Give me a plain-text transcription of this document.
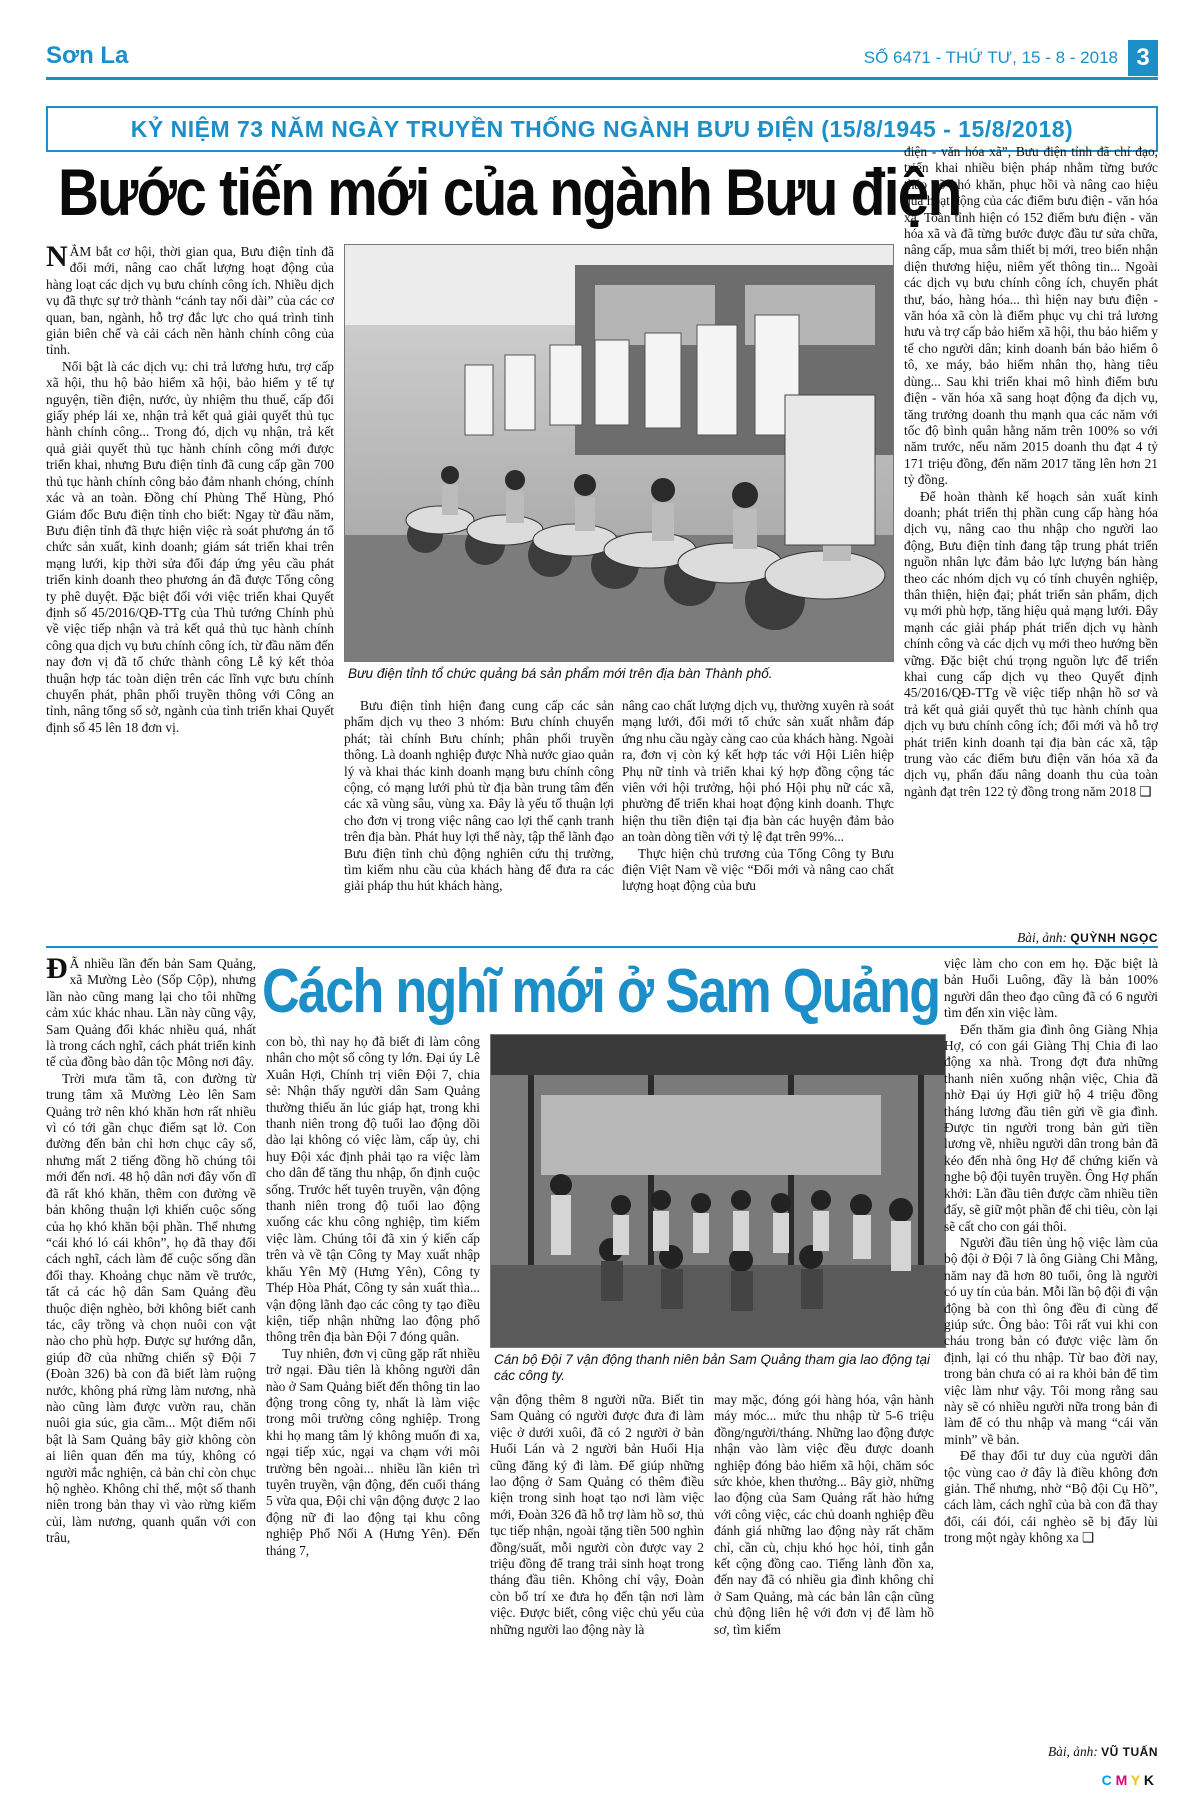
Sơn La	SỐ 6471 - THỨ TƯ, 15 - 8 - 2018 3
KỶ NIỆM 73 NĂM NGÀY TRUYỀN THỐNG NGÀNH BƯU ĐIỆN (15/8/1945 - 15/8/2018)
Bước tiến mới của ngành Bưu điện

NẮM bắt cơ hội, thời gian qua, Bưu điện tỉnh đã đổi mới, nâng cao chất lượng hoạt động của hàng loạt các dịch vụ bưu chính công ích. Nhiều dịch vụ đã thực sự trở thành “cánh tay nối dài” của các cơ quan, ban, ngành, hỗ trợ đắc lực cho quá trình tinh giản biên chế và cải cách nền hành chính công của tỉnh.

Nổi bật là các dịch vụ: chi trả lương hưu, trợ cấp xã hội, thu hộ bảo hiểm xã hội, bảo hiểm y tế tự nguyện, tiền điện, nước, ủy nhiệm thu thuế, cấp đổi giấy phép lái xe, nhận trả kết quả giải quyết thủ tục hành chính công... Trong đó, dịch vụ nhận, trả kết quả giải quyết thủ tục hành chính công mới được triển khai, nhưng Bưu điện tỉnh đã cung cấp gần 700 thủ tục hành chính công bảo đảm nhanh chóng, chính xác và an toàn. Đồng chí Phùng Thế Hùng, Phó Giám đốc Bưu điện tỉnh cho biết: Ngay từ đầu năm, Bưu điện tỉnh đã thực hiện việc rà soát phương án tổ chức sản xuất, kinh doanh; giám sát triển khai trên mạng lưới, kịp thời sửa đổi đáp ứng yêu cầu phát triển kinh doanh theo phương án đã được Tổng công ty phê duyệt. Đặc biệt đối với việc triển khai Quyết định số 45/2016/QĐ-TTg của Thủ tướng Chính phủ về việc tiếp nhận và trả kết quả thủ tục hành chính công qua dịch vụ bưu chính công ích, từ đầu năm đến nay đơn vị đã tổ chức thành công Lễ ký kết thỏa thuận hợp tác toàn diện trên các lĩnh vực bưu chính chuyển phát, phân phối truyền thông với Công an tỉnh, nâng tổng số sở, ngành của tỉnh triển khai Quyết định số 45 lên 18 đơn vị.

Bưu điện tỉnh tổ chức quảng bá sản phẩm mới trên địa bàn Thành phố.

Bưu điện tỉnh hiện đang cung cấp các sản phẩm dịch vụ theo 3 nhóm: Bưu chính chuyển phát; tài chính Bưu chính; phân phối truyền thông. Là doanh nghiệp được Nhà nước giao quản lý và khai thác kinh doanh mạng bưu chính công cộng, có mạng lưới phủ từ địa bàn trung tâm đến các xã vùng sâu, vùng xa. Đây là yếu tố thuận lợi cho đơn vị trong việc nâng cao lợi thế cạnh tranh trên địa bàn. Phát huy lợi thế này, tập thể lãnh đạo Bưu điện tỉnh chủ động nghiên cứu thị trường, tìm kiếm nhu cầu của khách hàng để đưa ra các giải pháp thu hút khách hàng,

nâng cao chất lượng dịch vụ, thường xuyên rà soát mạng lưới, đổi mới tổ chức sản xuất nhằm đáp ứng nhu cầu ngày càng cao của khách hàng. Ngoài ra, đơn vị còn ký kết hợp tác với Hội Liên hiệp Phụ nữ tỉnh và triển khai ký hợp đồng cộng tác viên với hội trưởng, hội phó Hội phụ nữ các xã, phường để triển khai hoạt động kinh doanh. Thực hiện thu tiền điện tại địa bàn các huyện đảm bảo an toàn dòng tiền với tỷ lệ đạt trên 99%...

Thực hiện chủ trương của Tổng Công ty Bưu điện Việt Nam về việc “Đổi mới và nâng cao chất lượng hoạt động của bưu

điện - văn hóa xã”, Bưu điện tỉnh đã chỉ đạo, triển khai nhiều biện pháp nhằm từng bước tháo gỡ khó khăn, phục hồi và nâng cao hiệu quả hoạt động của các điểm bưu điện - văn hóa xã. Toàn tỉnh hiện có 152 điểm bưu điện - văn hóa xã và đã từng bước được đầu tư sửa chữa, nâng cấp, mua sắm thiết bị mới, treo biển nhận diện thương hiệu, niêm yết thông tin... Ngoài các dịch vụ bưu chính công ích, chuyển phát thư, báo, hàng hóa... thì hiện nay bưu điện - văn hóa xã còn là điểm phục vụ chi trả lương hưu và trợ cấp bảo hiểm xã hội, thu bảo hiểm y tế cho người dân; kinh doanh bán bảo hiểm ô tô, xe máy, bảo hiểm nhân thọ, hàng tiêu dùng... Sau khi triển khai mô hình điểm bưu điện - văn hóa xã sang hoạt động đa dịch vụ, tăng trưởng doanh thu mạnh qua các năm với tốc độ bình quân hằng năm trên 100% so với năm trước, nếu năm 2015 doanh thu đạt 4 tỷ 171 triệu đồng, đến năm 2017 tăng lên hơn 21 tỷ đồng.

Để hoàn thành kế hoạch sản xuất kinh doanh; phát triển thị phần cung cấp hàng hóa dịch vụ, nâng cao thu nhập cho người lao động, Bưu điện tỉnh đang tập trung phát triển nguồn nhân lực đảm bảo lực lượng bán hàng theo các nhóm dịch vụ có tính chuyên nghiệp, thân thiện, hiện đại; phát triển sản phẩm, dịch vụ mới phù hợp, tăng hiệu quả mạng lưới. Đây mạnh các giải pháp phát triển dịch vụ hành chính công và các dịch vụ mới theo hướng bền vững. Đặc biệt chú trọng nguồn lực để triển khai cung cấp dịch vụ theo Quyết định 45/2016/QĐ-TTg về việc tiếp nhận hồ sơ và trả kết quả giải quyết thủ tục hành chính qua dịch vụ bưu chính công ích; đổi mới và hỗ trợ phát triển kinh doanh tại địa bàn các xã, tập trung vào các điểm bưu điện văn hóa xã đa dịch vụ, phấn đấu nâng doanh thu của toàn ngành đạt trên 122 tỷ đồng trong năm 2018 ❑

Bài, ảnh: QUỲNH NGỌC
Cách nghĩ mới ở Sam Quảng

Đ Ã nhiều lần đến bản Sam Quảng, xã Mường Lèo (Sốp Cộp), nhưng lần nào cũng mang lại cho tôi những cảm xúc khác nhau. Lần này cũng vậy, Sam Quảng đổi khác nhiều quá, nhất là trong cách nghĩ, cách phát triển kinh tế của đồng bào dân tộc Mông nơi đây.

Trời mưa tầm tã, con đường từ trung tâm xã Mường Lèo lên Sam Quảng trở nên khó khăn hơn rất nhiều vì có tới gần chục điểm sạt lở. Con đường đến bản chỉ hơn chục cây số, nhưng mất 2 tiếng đồng hồ chúng tôi mới đến nơi. 48 hộ dân nơi đây vốn dĩ đã rất khó khăn, thêm con đường về bản không thuận lợi khiến cuộc sống của họ khó khăn bội phần. Thế nhưng “cái khó ló cái khôn”, họ đã thay đổi cách nghĩ, cách làm để cuộc sống dần đổi thay. Khoảng chục năm về trước, tất cả các hộ dân Sam Quảng đều thuộc diện nghèo, bởi không biết canh tác, cây trồng và chọn nuôi con vật nào cho phù hợp. Được sự hướng dẫn, giúp đỡ của những chiến sỹ Đội 7 (Đoàn 326) bà con đã biết làm ruộng nước, không phá rừng làm nương, nhà nào cũng làm được vườn rau, chăn nuôi gia súc, gia cầm... Một điểm nổi bật là Sam Quảng bây giờ không còn ai liên quan đến ma túy, không có người mắc nghiện, cả bản chỉ còn chục hộ nghèo. Không chỉ thế, một số thanh niên trong bản thay vì vào rừng kiếm củi, làm nương, quanh quẩn với con trâu,

con bò, thì nay họ đã biết đi làm công nhân cho một số công ty lớn. Đại úy Lê Xuân Hợi, Chính trị viên Đội 7, chia sẻ: Nhận thấy người dân Sam Quảng thường thiếu ăn lúc giáp hạt, trong khi thanh niên trong độ tuổi lao động dồi dào lại không có việc làm, cấp ủy, chi huy Đội xác định phải tạo ra việc làm cho dân để tăng thu nhập, ổn định cuộc sống. Trước hết tuyên truyền, vận động thanh niên trong độ tuổi lao động xuống các khu công nghiệp, tìm kiếm việc làm. Chúng tôi đã xin ý kiến cấp trên và về tận Công ty May xuất nhập khẩu Yên Mỹ (Hưng Yên), Công ty Thép Hòa Phát, Công ty sản xuất thìa... vận động lãnh đạo các công ty tạo điều kiện, tiếp nhận những lao động phổ thông trên địa bàn Đội 7 đóng quân.

Tuy nhiên, đơn vị cũng gặp rất nhiều trở ngại. Đầu tiên là không người dân nào ở Sam Quảng biết đến thông tin lao động trong công ty, nhất là làm việc trong môi trường công nghiệp. Trong khi họ mang tâm lý không muốn đi xa, ngại tiếp xúc, ngại va chạm với môi trường bên ngoài... nhiều lần kiên trì tuyên truyền, vận động, đến cuối tháng 5 vừa qua, Đội chỉ vận động được 2 lao động nữ đi lao động tại khu công nghiệp Phố Nối A (Hưng Yên). Đến tháng 7,

Cán bộ Đội 7 vận động thanh niên bản Sam Quảng tham gia lao động tại các công ty.

vận động thêm 8 người nữa. Biết tin Sam Quảng có người được đưa đi làm việc ở dưới xuôi, đã có 2 người ở bản Huổi Lán và 2 người bản Huổi Hịa cũng đăng ký đi làm. Để giúp những lao động ở Sam Quảng có thêm điều kiện trong sinh hoạt tạo nơi làm việc mới, Đoàn 326 đã hỗ trợ làm hồ sơ, thủ tục tiếp nhận, ngoài tặng tiền 500 nghìn đồng/suất, mỗi người còn được vay 2 triệu đồng để trang trải sinh hoạt trong tháng đầu tiên. Không chỉ vậy, Đoàn còn bố trí xe đưa họ đến tận nơi làm việc. Được biết, công việc chủ yếu của những người lao động này là

may mặc, đóng gói hàng hóa, vận hành máy móc... mức thu nhập từ 5-6 triệu đồng/người/tháng. Những lao động được nhận vào làm việc đều được doanh nghiệp đóng bảo hiểm xã hội, chăm sóc sức khỏe, khen thưởng... Bây giờ, những lao động của Sam Quảng rất hào hứng với công việc, các chủ doanh nghiệp đều đánh giá những lao động này rất chăm chỉ, cần cù, chịu khó học hỏi, tinh gắn kết cộng đồng cao. Tiếng lành đồn xa, đến nay đã có nhiều gia đình không chỉ ở Sam Quảng, mà các bản lân cận cũng chủ động liên hệ với đơn vị để làm hồ sơ, tìm kiếm

việc làm cho con em họ. Đặc biệt là bản Huổi Luông, đầy là bản 100% người dân theo đạo cũng đã có 6 người tìm đến xin việc làm.

Đến thăm gia đình ông Giàng Nhịa Hợ, có con gái Giàng Thị Chia đi lao động xa nhà. Trong đợt đưa những thanh niên xuống nhận việc, Chia đã nhờ Đại úy Hợi giữ hộ 4 triệu đồng tháng lương đầu tiên gửi về gia đình. Được tin người trong bản gửi tiền lương về, nhiều người dân trong bản đã kéo đến nhà ông Hợ để chứng kiến và nghe bộ đội tuyên truyền. Ông Hợ phấn khởi: Lần đầu tiên được cầm nhiều tiền đấy, sẽ giữ một phần để chi tiêu, còn lại sẽ cất cho con gái thôi.

Người đầu tiên ủng hộ việc làm của bộ đội ở Đội 7 là ông Giàng Chi Mằng, năm nay đã hơn 80 tuổi, ông là người có uy tín của bản. Mỗi lần bộ đội đi vận động bà con thì ông đều đi cùng để giúp sức. Ông bảo: Tôi rất vui khi con cháu trong bản có được việc làm ổn định, lại có thu nhập. Từ bao đời nay, trong bản chưa có ai ra khỏi bản để tìm việc làm như vậy. Tôi mong rằng sau này sẽ có nhiều người nữa trong bản đi làm để có thu nhập và mang “cái văn minh” về bản.

Để thay đổi tư duy của người dân tộc vùng cao ở đây là điều không đơn giản. Thế nhưng, nhờ “Bộ đội Cụ Hồ”, cách làm, cách nghĩ của bà con đã thay đổi, cái đói, cái nghèo sẽ bị đẩy lùi trong một ngày không xa ❑

Bài, ảnh: VŨ TUẤN
C M Y K
